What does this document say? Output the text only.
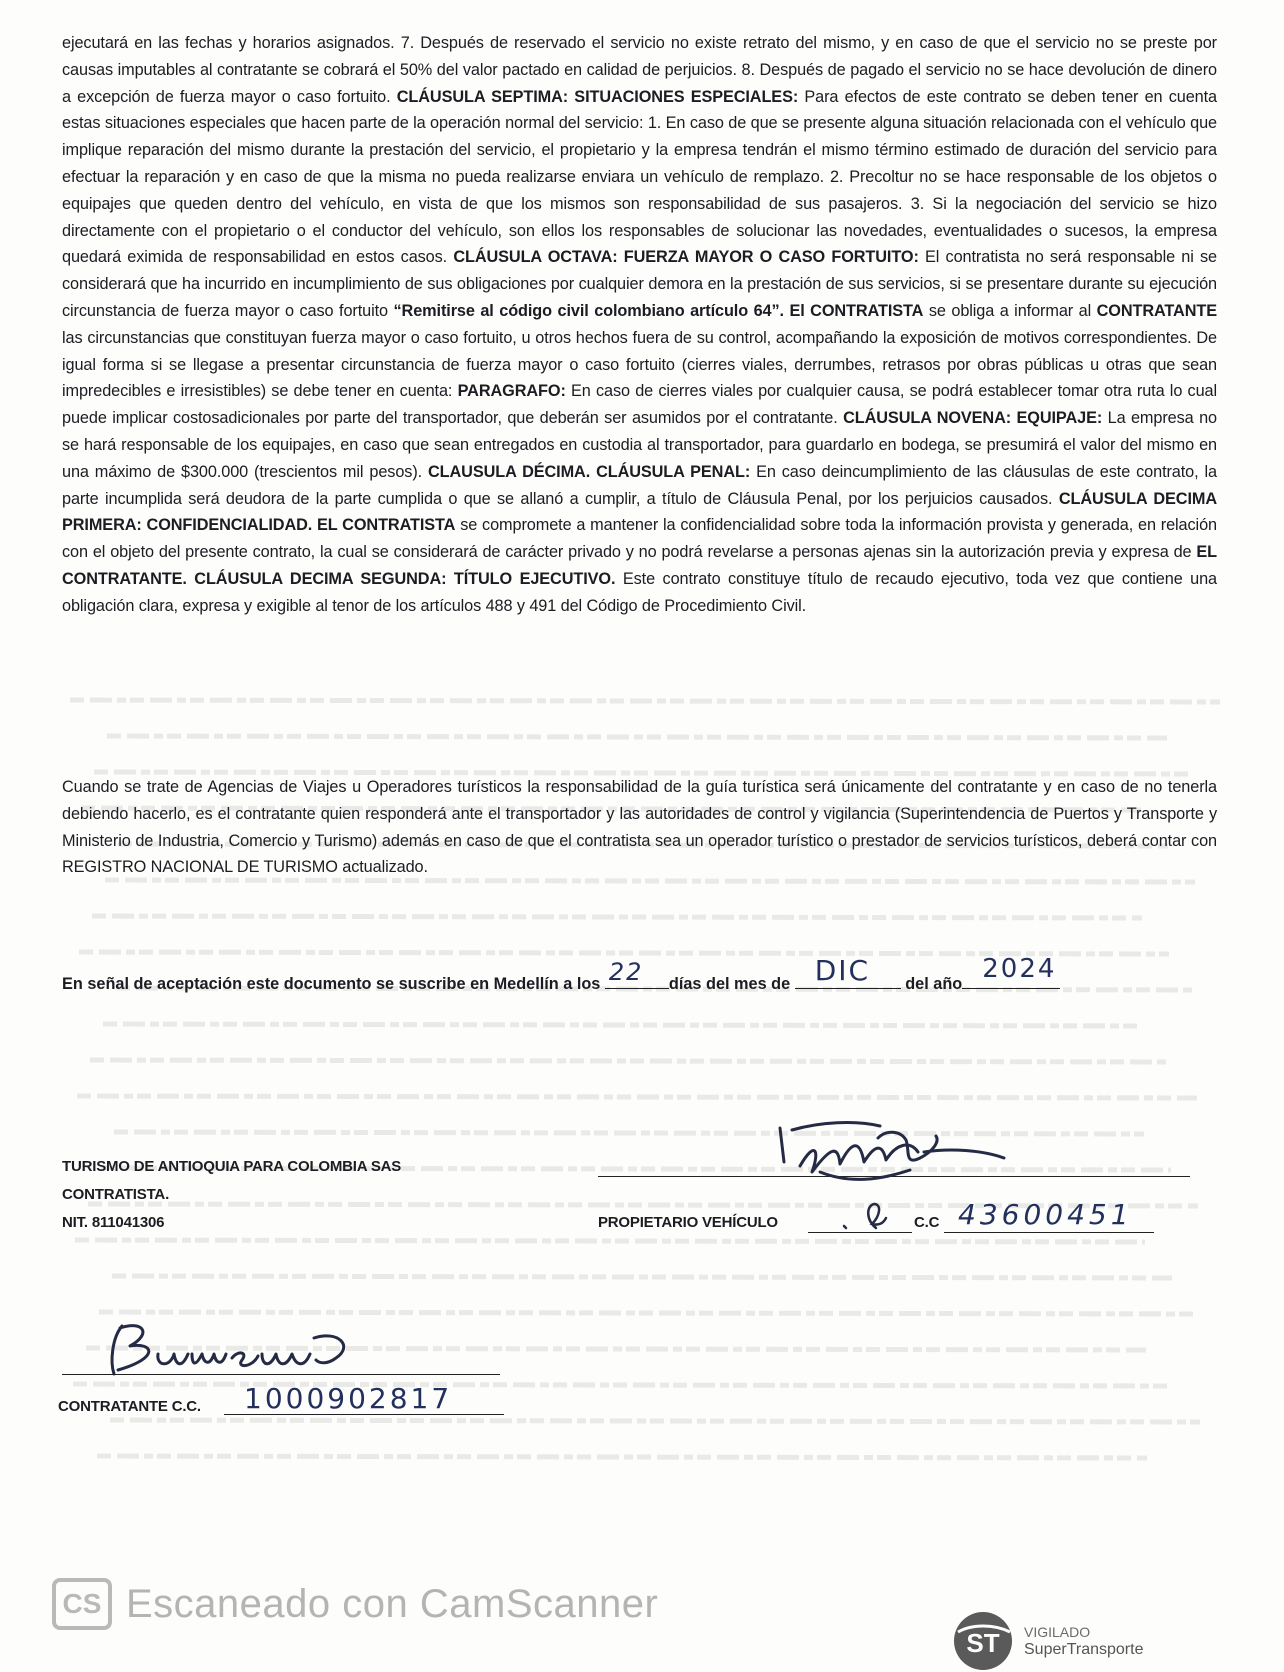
ejecutará en las fechas y horarios asignados. 7. Después de reservado el servicio no existe retrato del mismo, y en caso de que el servicio no se preste por causas imputables al contratante se cobrará el 50% del valor pactado en calidad de perjuicios. 8. Después de pagado el servicio no se hace devolución de dinero a excepción de fuerza mayor o caso fortuito. CLÁUSULA SEPTIMA: SITUACIONES ESPECIALES: Para efectos de este contrato se deben tener en cuenta estas situaciones especiales que hacen parte de la operación normal del servicio: 1. En caso de que se presente alguna situación relacionada con el vehículo que implique reparación del mismo durante la prestación del servicio, el propietario y la empresa tendrán el mismo término estimado de duración del servicio para efectuar la reparación y en caso de que la misma no pueda realizarse enviara un vehículo de remplazo. 2. Precoltur no se hace responsable de los objetos o equipajes que queden dentro del vehículo, en vista de que los mismos son responsabilidad de sus pasajeros. 3. Si la negociación del servicio se hizo directamente con el propietario o el conductor del vehículo, son ellos los responsables de solucionar las novedades, eventualidades o sucesos, la empresa quedará eximida de responsabilidad en estos casos. CLÁUSULA OCTAVA: FUERZA MAYOR O CASO FORTUITO: El contratista no será responsable ni se considerará que ha incurrido en incumplimiento de sus obligaciones por cualquier demora en la prestación de sus servicios, si se presentare durante su ejecución circunstancia de fuerza mayor o caso fortuito “Remitirse al código civil colombiano artículo 64”. El CONTRATISTA se obliga a informar al CONTRATANTE las circunstancias que constituyan fuerza mayor o caso fortuito, u otros hechos fuera de su control, acompañando la exposición de motivos correspondientes. De igual forma si se llegase a presentar circunstancia de fuerza mayor o caso fortuito (cierres viales, derrumbes, retrasos por obras públicas u otras que sean impredecibles e irresistibles) se debe tener en cuenta: PARAGRAFO: En caso de cierres viales por cualquier causa, se podrá establecer tomar otra ruta lo cual puede implicar costosadicionales por parte del transportador, que deberán ser asumidos por el contratante. CLÁUSULA NOVENA: EQUIPAJE: La empresa no se hará responsable de los equipajes, en caso que sean entregados en custodia al transportador, para guardarlo en bodega, se presumirá el valor del mismo en una máximo de $300.000 (trescientos mil pesos). CLAUSULA DÉCIMA. CLÁUSULA PENAL: En caso deincumplimiento de las cláusulas de este contrato, la parte incumplida será deudora de la parte cumplida o que se allanó a cumplir, a título de Cláusula Penal, por los perjuicios causados. CLÁUSULA DECIMA PRIMERA: CONFIDENCIALIDAD. EL CONTRATISTA se compromete a mantener la confidencialidad sobre toda la información provista y generada, en relación con el objeto del presente contrato, la cual se considerará de carácter privado y no podrá revelarse a personas ajenas sin la autorización previa y expresa de EL CONTRATANTE. CLÁUSULA DECIMA SEGUNDA: TÍTULO EJECUTIVO. Este contrato constituye título de recaudo ejecutivo, toda vez que contiene una obligación clara, expresa y exigible al tenor de los artículos 488 y 491 del Código de Procedimiento Civil.
Cuando se trate de Agencias de Viajes u Operadores turísticos la responsabilidad de la guía turística será únicamente del contratante y en caso de no tenerla debiendo hacerlo, es el contratante quien responderá ante el transportador y las autoridades de control y vigilancia (Superintendencia de Puertos y Transporte y Ministerio de Industria, Comercio y Turismo) además en caso de que el contratista sea un operador turístico o prestador de servicios turísticos, deberá contar con REGISTRO NACIONAL DE TURISMO actualizado.
En señal de aceptación este documento se suscribe en Medellín a los 22 días del mes de DIC del año 2024
TURISMO DE ANTIOQUIA PARA COLOMBIA SAS
CONTRATISTA.
NIT. 811041306	PROPIETARIO VEHÍCULO	C.C 43600451
CONTRATANTE C.C. 1000902817
CS Escaneado con CamScanner
ST VIGILADO
SuperTransporte
